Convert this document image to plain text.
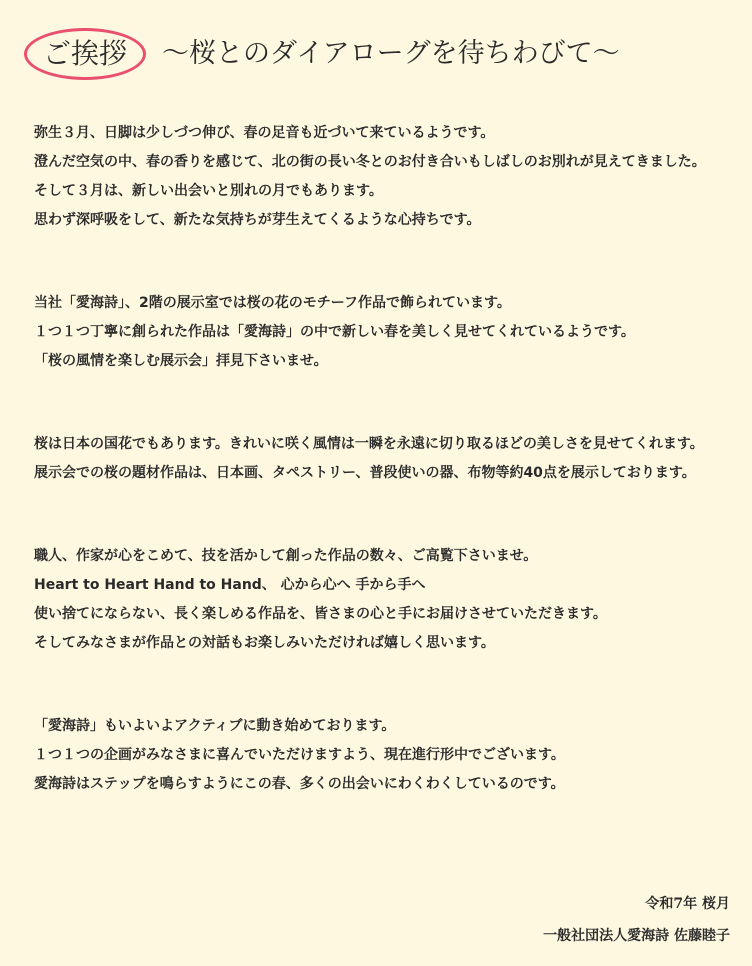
ご挨拶	〜桜とのダイアローグを待ちわびて〜

弥生３月、日脚は少しづつ伸び、春の足音も近づいて来ているようです。
澄んだ空気の中、春の香りを感じて、北の街の長い冬とのお付き合いもしばしのお別れが見えてきました。
そして３月は、新しい出会いと別れの月でもあります。
思わず深呼吸をして、新たな気持ちが芽生えてくるような心持ちです。

当社「愛海詩」、2階の展示室では桜の花のモチーフ作品で飾られています。
１つ１つ丁寧に創られた作品は「愛海詩」の中で新しい春を美しく見せてくれているようです。
「桜の風情を楽しむ展示会」拝見下さいませ。

桜は日本の国花でもあります。きれいに咲く風情は一瞬を永遠に切り取るほどの美しさを見せてくれます。
展示会での桜の題材作品は、日本画、タペストリー、普段使いの器、布物等約40点を展示しております。

職人、作家が心をこめて、技を活かして創った作品の数々、ご高覧下さいませ。
Heart to Heart Hand to Hand、 心から心へ 手から手へ
使い捨てにならない、長く楽しめる作品を、皆さまの心と手にお届けさせていただきます。
そしてみなさまが作品との対話もお楽しみいただければ嬉しく思います。

「愛海詩」もいよいよアクティブに動き始めております。
１つ１つの企画がみなさまに喜んでいただけますよう、現在進行形中でございます。
愛海詩はステップを鳴らすようにこの春、多くの出会いにわくわくしているのです。

令和7年 桜月
一般社団法人愛海詩 佐藤睦子
